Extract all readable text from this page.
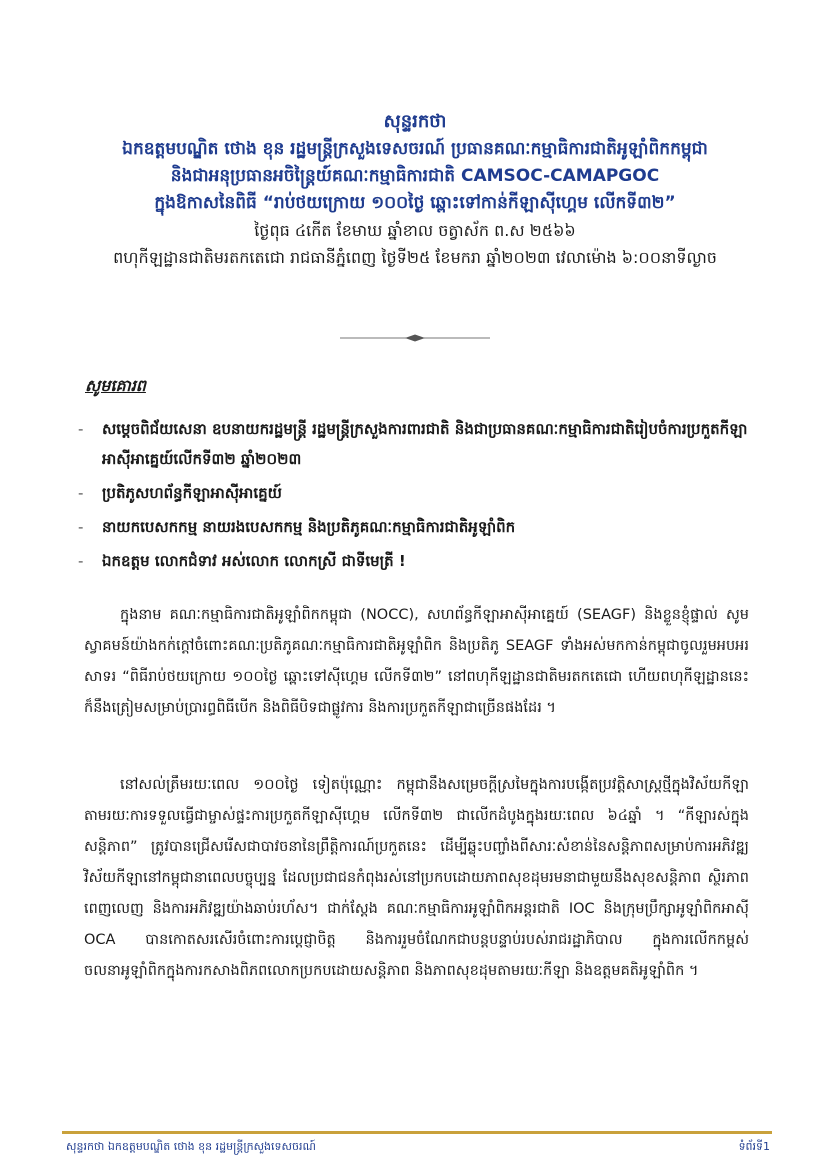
សុន្ទរកថា
ឯកឧត្តមបណ្ឌិត ថោង ខុន រដ្ឋមន្ត្រីក្រសួងទេសចរណ៍ ប្រធានគណៈកម្មាធិការជាតិអូឡាំពិកកម្ពុជា
និងជាអនុប្រធានអចិន្ត្រៃយ៍គណៈកម្មាធិការជាតិ CAMSOC-CAMAPGOC
ក្នុងឱកាសនៃពិធី “រាប់ថយក្រោយ ១០០ថ្ងៃ ឆ្ពោះទៅកាន់កីឡាស៊ីហ្គេម លើកទី៣២”
ថ្ងៃពុធ ៤កើត ខែមាឃ ឆ្នាំខាល ចត្វាស័ក ព.ស ២៥៦៦
ពហុកីឡដ្ឋានជាតិមរតកតេជោ រាជធានីភ្នំពេញ ថ្ងៃទី២៥ ខែមករា ឆ្នាំ២០២៣ វេលាម៉ោង ៦:០០នាទីល្ងាច
សូមគោរព
- សម្តេចពិជ័យសេនា ឧបនាយករដ្ឋមន្ត្រី រដ្ឋមន្ត្រីក្រសួងការពារជាតិ និងជាប្រធានគណៈកម្មាធិការជាតិរៀបចំការប្រកួតកីឡាអាស៊ីអាគ្នេយ៍លើកទី៣២ ឆ្នាំ២០២៣
- ប្រតិភូសហព័ន្ធកីឡាអាស៊ីអាគ្នេយ៍
- នាយកបេសកកម្ម នាយរងបេសកកម្ម និងប្រតិភូគណៈកម្មាធិការជាតិអូឡាំពិក
- ឯកឧត្តម លោកជំទាវ អស់លោក លោកស្រី ជាទីមេត្រី !

ក្នុងនាម គណៈកម្មាធិការជាតិអូឡាំពិកកម្ពុជា (NOCC), សហព័ន្ធកីឡាអាស៊ីអាគ្នេយ៍ (SEAGF) និងខ្លួនខ្ញុំផ្ទាល់ សូមស្វាគមន៍យ៉ាងកក់ក្តៅចំពោះគណៈប្រតិភូគណៈកម្មាធិការជាតិអូឡាំពិក និងប្រតិភូ SEAGF ទាំងអស់មកកាន់កម្ពុជាចូលរួមអបអរសាទរ “ពិធីរាប់ថយក្រោយ ១០០ថ្ងៃ ឆ្ពោះទៅស៊ីហ្គេម លើកទី៣២” នៅពហុកីឡដ្ឋានជាតិមរតកតេជោ ហើយពហុកីឡដ្ឋាននេះក៏នឹងត្រៀមសម្រាប់ប្រារព្ធពិធីបើក និងពិធីបិទជាផ្លូវការ និងការប្រកួតកីឡាជាច្រើនផងដែរ ។

នៅសល់ត្រឹមរយៈពេល ១០០ថ្ងៃ ទៀតប៉ុណ្ណោះ កម្ពុជានឹងសម្រេចក្តីស្រមៃក្នុងការបង្កើតប្រវត្តិសាស្ត្រថ្មីក្នុងវិស័យកីឡាតាមរយៈការទទួលធ្វើជាម្ចាស់ផ្ទះការប្រកួតកីឡាស៊ីហ្គេម លើកទី៣២ ជាលើកដំបូងក្នុងរយៈពេល ៦៤ឆ្នាំ ។ “កីឡារស់ក្នុងសន្តិភាព” ត្រូវបានជ្រើសរើសជាបាវចនានៃព្រឹត្តិការណ៍ប្រកួតនេះ ដើម្បីឆ្លុះបញ្ចាំងពីសារៈសំខាន់នៃសន្តិភាពសម្រាប់ការអភិវឌ្ឍវិស័យកីឡានៅកម្ពុជានាពេលបច្ចុប្បន្ន ដែលប្រជាជនកំពុងរស់នៅប្រកបដោយភាពសុខដុមរមនាជាមួយនឹងសុខសន្តិភាព ស្ថិរភាពពេញលេញ និងការអភិវឌ្ឍយ៉ាងឆាប់រហ័ស។ ជាក់ស្តែង គណៈកម្មាធិការអូឡាំពិកអន្តរជាតិ IOC និងក្រុមប្រឹក្សាអូឡាំពិកអាស៊ី OCA បានកោតសរសើរចំពោះការប្តេជ្ញាចិត្ត និងការរួមចំណែកជាបន្តបន្ទាប់របស់រាជរដ្ឋាភិបាល ក្នុងការលើកកម្ពស់ចលនាអូឡាំពិកក្នុងការកសាងពិភពលោកប្រកបដោយសន្តិភាព និងភាពសុខដុមតាមរយៈកីឡា និងឧត្តមគតិអូឡាំពិក ។

សុន្ទរកថា ឯកឧត្តមបណ្ឌិត ថោង ខុន រដ្ឋមន្ត្រីក្រសួងទេសចរណ៍	ទំព័រទី1
